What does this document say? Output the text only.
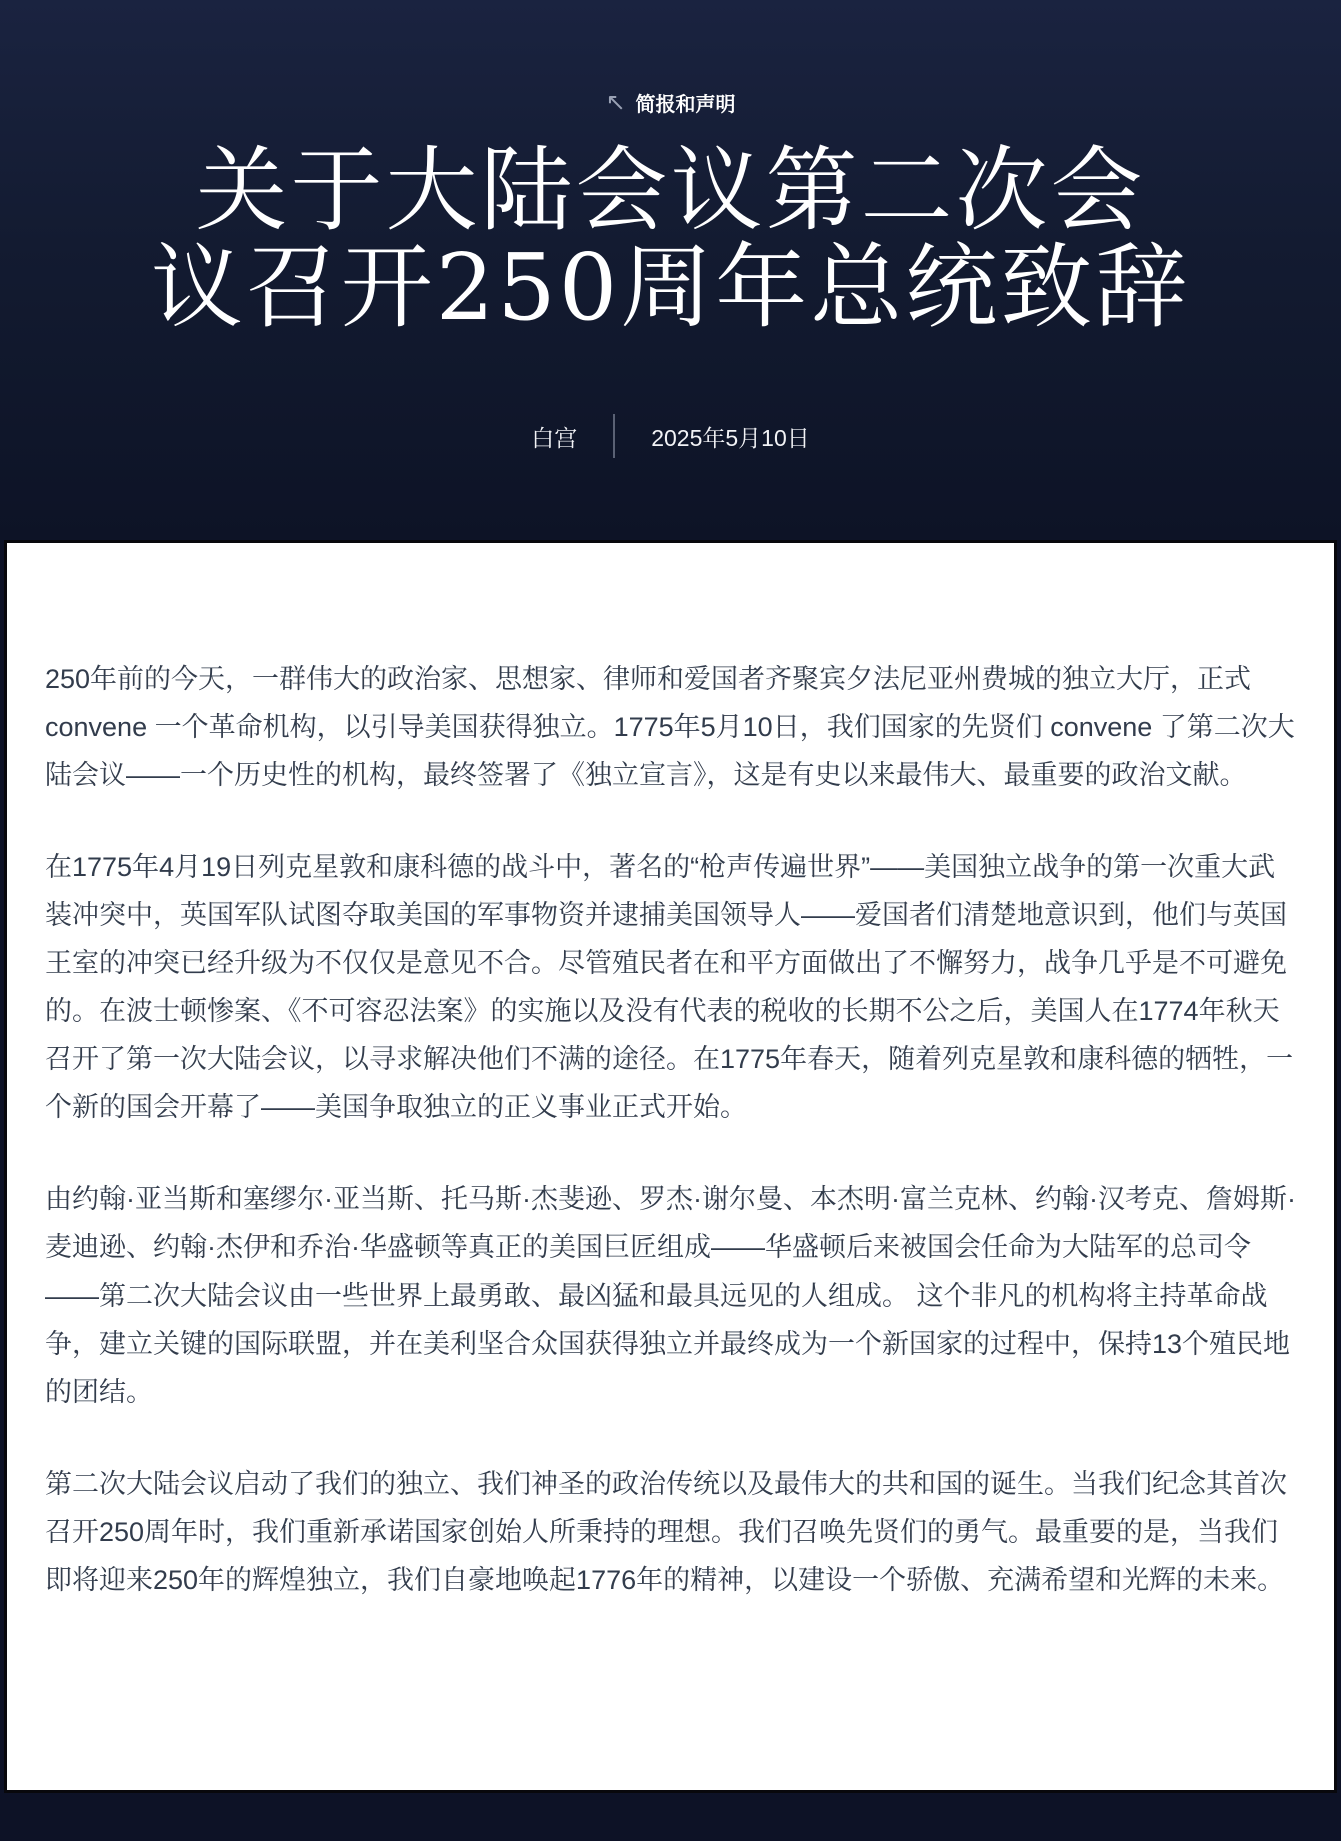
↖ 简报和声明
关于大陆会议第二次会
议召开250周年总统致辞
白宫	2025年5月10日

250年前的今天，一群伟大的政治家、思想家、律师和爱国者齐聚宾夕法尼亚州费城的独立大厅，正式 convene 一个革命机构，以引导美国获得独立。1775年5月10日，我们国家的先贤们 convene 了第二次大陆会议——一个历史性的机构，最终签署了《独立宣言》，这是有史以来最伟大、最重要的政治文献。

在1775年4月19日列克星敦和康科德的战斗中，著名的“枪声传遍世界”——美国独立战争的第一次重大武装冲突中，英国军队试图夺取美国的军事物资并逮捕美国领导人——爱国者们清楚地意识到，他们与英国王室的冲突已经升级为不仅仅是意见不合。尽管殖民者在和平方面做出了不懈努力，战争几乎是不可避免的。在波士顿惨案、《不可容忍法案》的实施以及没有代表的税收的长期不公之后，美国人在1774年秋天召开了第一次大陆会议，以寻求解决他们不满的途径。在1775年春天，随着列克星敦和康科德的牺牲，一个新的国会开幕了——美国争取独立的正义事业正式开始。

由约翰·亚当斯和塞缪尔·亚当斯、托马斯·杰斐逊、罗杰·谢尔曼、本杰明·富兰克林、约翰·汉考克、詹姆斯·麦迪逊、约翰·杰伊和乔治·华盛顿等真正的美国巨匠组成——华盛顿后来被国会任命为大陆军的总司令——第二次大陆会议由一些世界上最勇敢、最凶猛和最具远见的人组成。 这个非凡的机构将主持革命战争，建立关键的国际联盟，并在美利坚合众国获得独立并最终成为一个新国家的过程中，保持13个殖民地的团结。

第二次大陆会议启动了我们的独立、我们神圣的政治传统以及最伟大的共和国的诞生。当我们纪念其首次召开250周年时，我们重新承诺国家创始人所秉持的理想。我们召唤先贤们的勇气。最重要的是，当我们即将迎来250年的辉煌独立，我们自豪地唤起1776年的精神，以建设一个骄傲、充满希望和光辉的未来。
